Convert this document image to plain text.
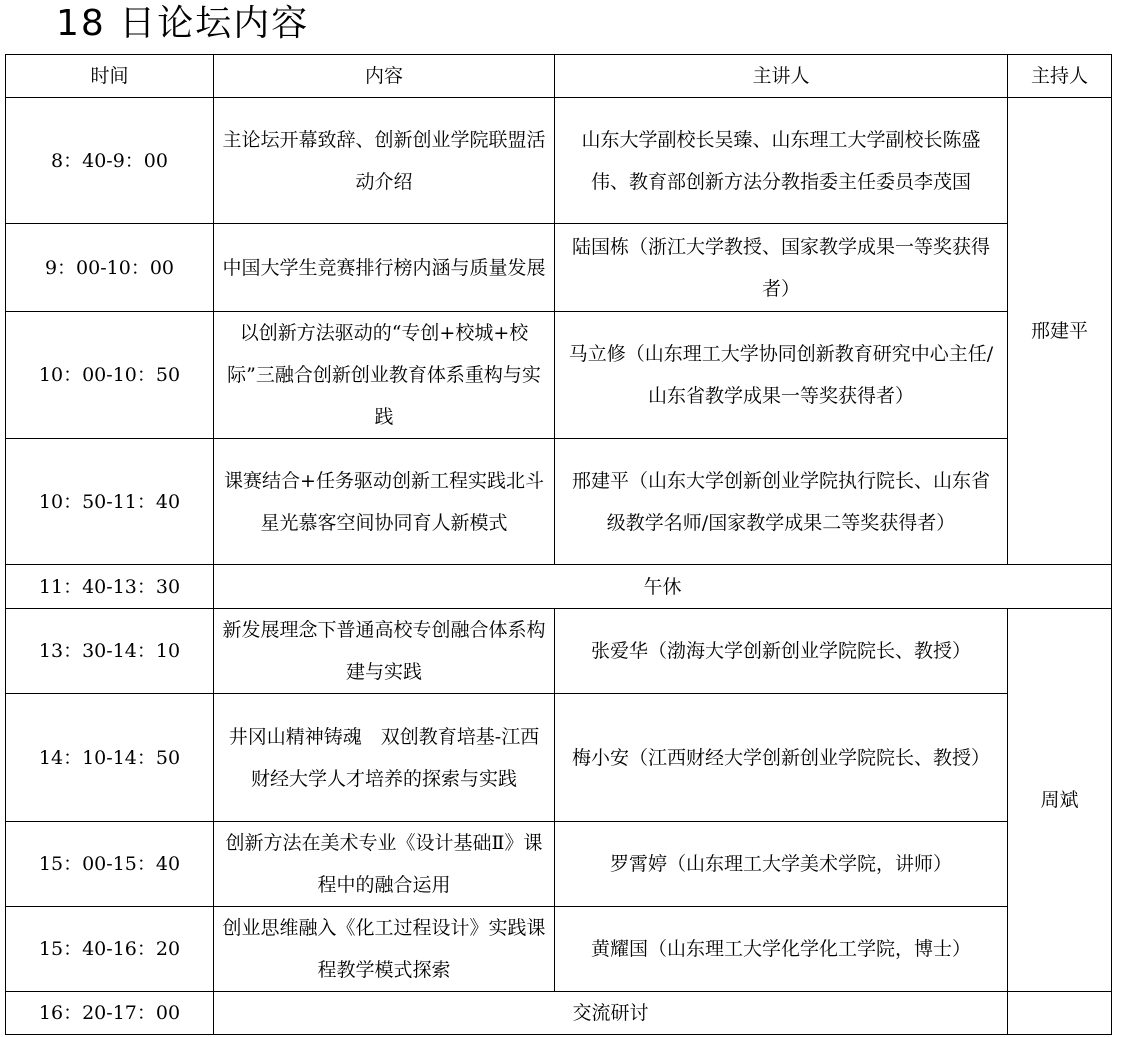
18 日论坛内容
时间	内容	主讲人	主持人
8：40-9：00	主论坛开幕致辞、创新创业学院联盟活动介绍	山东大学副校长吴臻、山东理工大学副校长陈盛伟、教育部创新方法分教指委主任委员李茂国	邢建平
9：00-10：00	中国大学生竞赛排行榜内涵与质量发展	陆国栋（浙江大学教授、国家教学成果一等奖获得者）	
10：00-10：50	以创新方法驱动的“专创+校城+校际”三融合创新创业教育体系重构与实践	马立修（山东理工大学协同创新教育研究中心主任/山东省教学成果一等奖获得者）	
10：50-11：40	课赛结合+任务驱动创新工程实践北斗星光慕客空间协同育人新模式	邢建平（山东大学创新创业学院执行院长、山东省级教学名师/国家教学成果二等奖获得者）	
11：40-13：30	午休		
13：30-14：10	新发展理念下普通高校专创融合体系构建与实践	张爱华（渤海大学创新创业学院院长、教授）	周斌
14：10-14：50	井冈山精神铸魂　双创教育培基-江西财经大学人才培养的探索与实践	梅小安（江西财经大学创新创业学院院长、教授）	
15：00-15：40	创新方法在美术专业《设计基础Ⅱ》课程中的融合运用	罗霄婷（山东理工大学美术学院，讲师）	
15：40-16：20	创业思维融入《化工过程设计》实践课程教学模式探索	黄耀国（山东理工大学化学化工学院，博士）	
16：20-17：00	交流研讨		
